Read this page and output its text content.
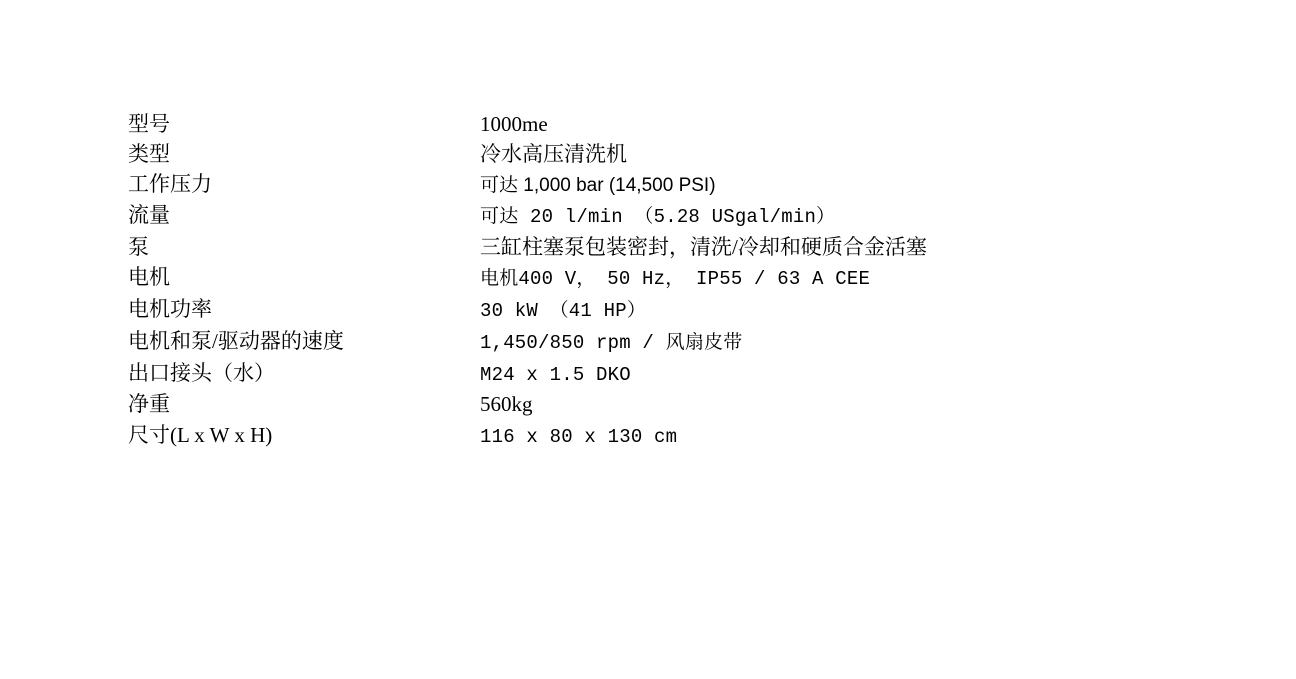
型号	1000me
类型	冷水高压清洗机
工作压力	可达 1,000 bar (14,500 PSI)
流量	可达 20 l/min （5.28 USgal/min）
泵	三缸柱塞泵包装密封，清洗/冷却和硬质合金活塞
电机	电机400 V， 50 Hz， IP55 / 63 A CEE
电机功率	30 kW （41 HP）
电机和泵/驱动器的速度	1,450/850 rpm / 风扇皮带
出口接头（水）	M24 x 1.5 DKO
净重	560kg
尺寸(L x W x H)	116 x 80 x 130 cm
